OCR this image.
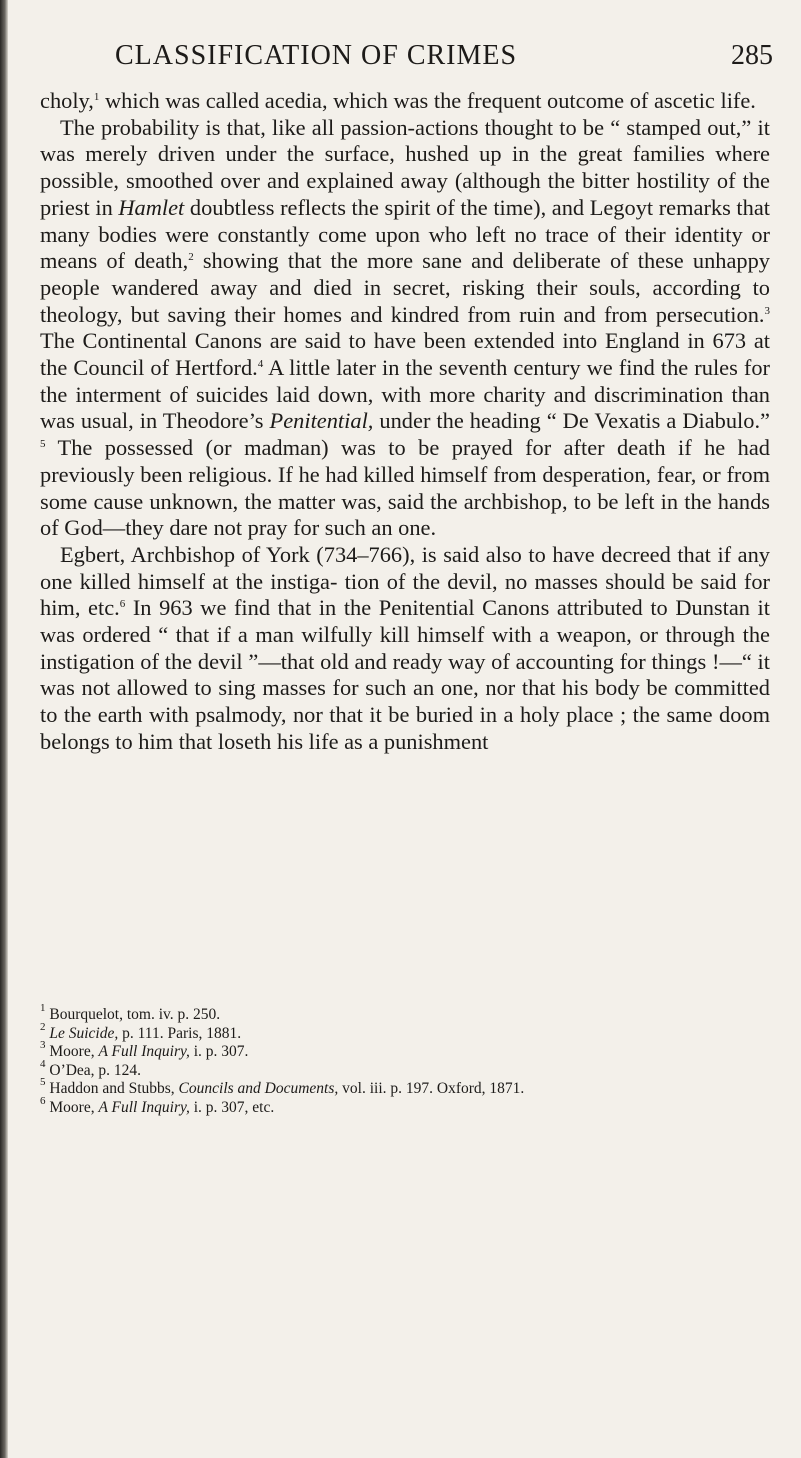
CLASSIFICATION OF CRIMES	285

choly,$^1$ which was called acedia, which was the frequent outcome of ascetic life.

The probability is that, like all passion-actions thought to be “ stamped out,” it was merely driven under the surface, hushed up in the great families where possible, smoothed over and explained away (although the bitter hostility of the priest in Hamlet doubtless reflects the spirit of the time), and Legoyt remarks that many bodies were constantly come upon who left no trace of their identity or means of death,$^2$ showing that the more sane and deliberate of these unhappy people wandered away and died in secret, risking their souls, according to theology, but saving their homes and kindred from ruin and from persecution.$^3$ The Continental Canons are said to have been extended into England in 673 at the Council of Hertford.$^4$ A little later in the seventh century we find the rules for the interment of suicides laid down, with more charity and discrimination than was usual, in Theodore’s Penitential, under the heading “ De Vexatis a Diabulo.” $^5$ The possessed (or madman) was to be prayed for after death if he had previously been religious. If he had killed himself from desperation, fear, or from some cause unknown, the matter was, said the archbishop, to be left in the hands of God—they dare not pray for such an one.

Egbert, Archbishop of York (734–766), is said also to have decreed that if any one killed himself at the instiga- tion of the devil, no masses should be said for him, etc.$^6$ In 963 we find that in the Penitential Canons attributed to Dunstan it was ordered “ that if a man wilfully kill himself with a weapon, or through the instigation of the devil ”—that old and ready way of accounting for things !—“ it was not allowed to sing masses for such an one, nor that his body be committed to the earth with psalmody, nor that it be buried in a holy place ; the same doom belongs to him that loseth his life as a punishment

$^1$ Bourquelot, tom. iv. p. 250.
$^2$ Le Suicide, p. 111. Paris, 1881.
$^3$ Moore, A Full Inquiry, i. p. 307.
$^4$ O’Dea, p. 124.
$^5$ Haddon and Stubbs, Councils and Documents, vol. iii. p. 197. Oxford, 1871.
$^6$ Moore, A Full Inquiry, i. p. 307, etc.
